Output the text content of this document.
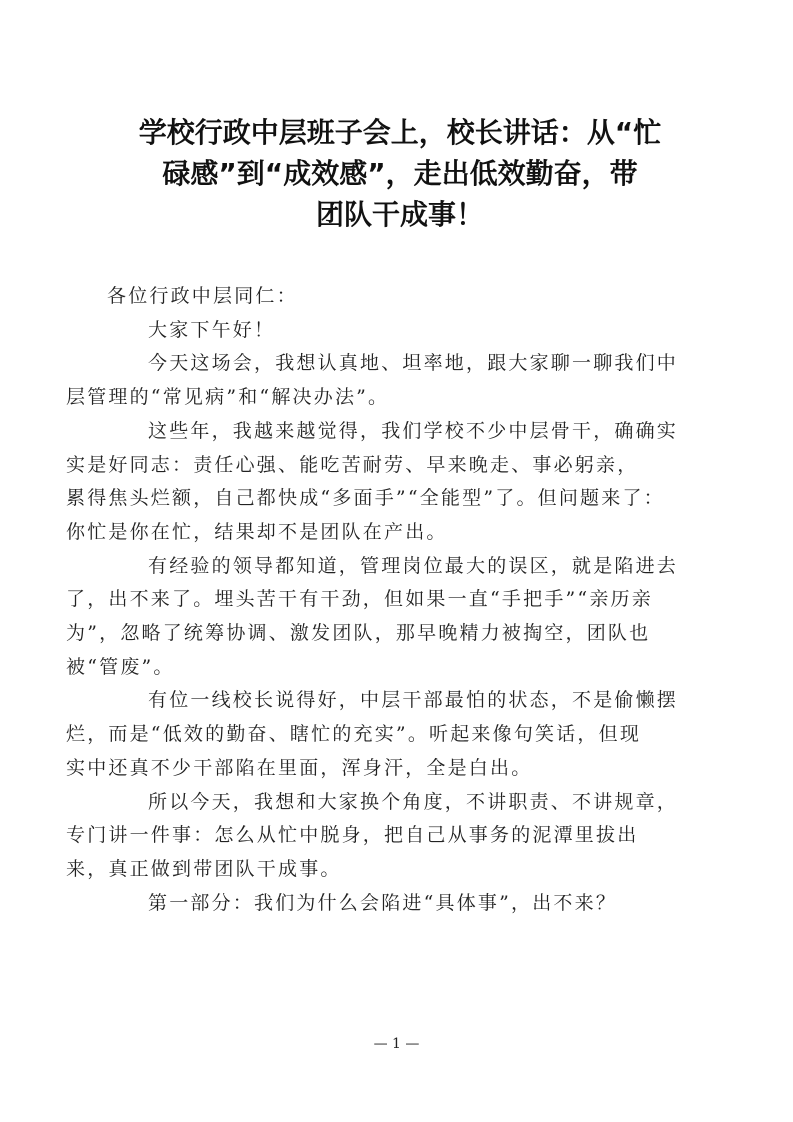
学校行政中层班子会上，校长讲话：从“忙
碌感”到“成效感”，走出低效勤奋，带
团队干成事！
各位行政中层同仁：
大家下午好！
今天这场会，我想认真地、坦率地，跟大家聊一聊我们中
层管理的“常见病”和“解决办法”。
这些年，我越来越觉得，我们学校不少中层骨干，确确实
实是好同志：责任心强、能吃苦耐劳、早来晚走、事必躬亲，
累得焦头烂额，自己都快成“多面手”“全能型”了。但问题来了：
你忙是你在忙，结果却不是团队在产出。
有经验的领导都知道，管理岗位最大的误区，就是陷进去
了，出不来了。埋头苦干有干劲，但如果一直“手把手”“亲历亲
为”，忽略了统筹协调、激发团队，那早晚精力被掏空，团队也
被“管废”。
有位一线校长说得好，中层干部最怕的状态，不是偷懒摆
烂，而是“低效的勤奋、瞎忙的充实”。听起来像句笑话，但现
实中还真不少干部陷在里面，浑身汗，全是白出。
所以今天，我想和大家换个角度，不讲职责、不讲规章，
专门讲一件事：怎么从忙中脱身，把自己从事务的泥潭里拔出
来，真正做到带团队干成事。
第一部分：我们为什么会陷进“具体事”，出不来？
— 1 —
